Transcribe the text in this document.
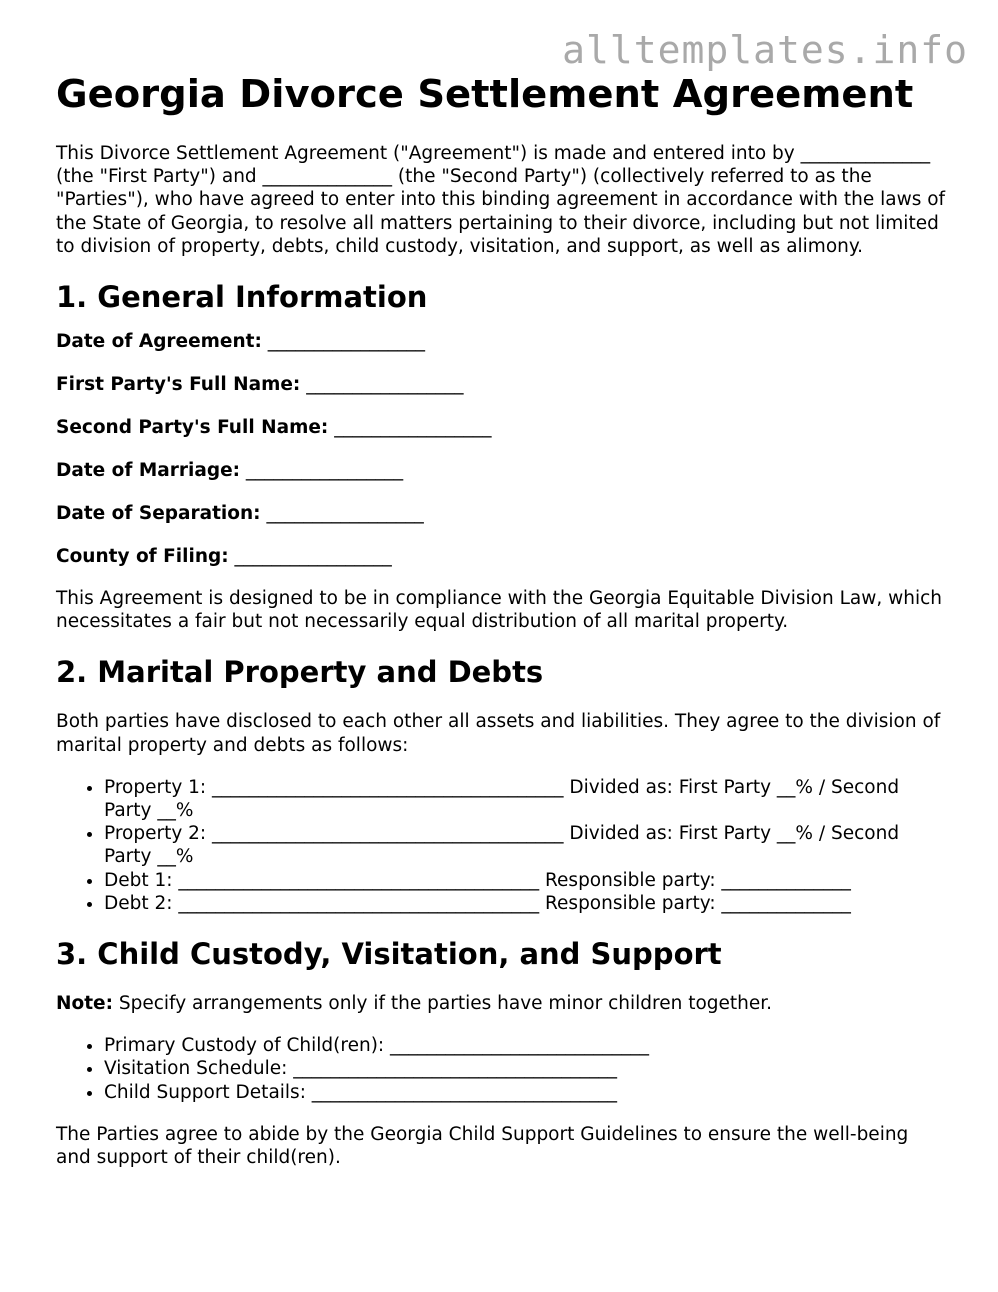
alltemplates.info
Georgia Divorce Settlement Agreement

This Divorce Settlement Agreement ("Agreement") is made and entered into by ______________ (the "First Party") and ______________ (the "Second Party") (collectively referred to as the "Parties"), who have agreed to enter into this binding agreement in accordance with the laws of the State of Georgia, to resolve all matters pertaining to their divorce, including but not limited to division of property, debts, child custody, visitation, and support, as well as alimony.

1. General Information
Date of Agreement: _________________
First Party's Full Name: _________________
Second Party's Full Name: _________________
Date of Marriage: _________________
Date of Separation: _________________
County of Filing: _________________

This Agreement is designed to be in compliance with the Georgia Equitable Division Law, which necessitates a fair but not necessarily equal distribution of all marital property.

2. Marital Property and Debts

Both parties have disclosed to each other all assets and liabilities. They agree to the division of marital property and debts as follows:

• Property 1: ______________________________________ Divided as: First Party __% / Second Party __%
• Property 2: ______________________________________ Divided as: First Party __% / Second Party __%
• Debt 1: _______________________________________ Responsible party: ______________
• Debt 2: _______________________________________ Responsible party: ______________
3. Child Custody, Visitation, and Support

Note: Specify arrangements only if the parties have minor children together.

• Primary Custody of Child(ren): ____________________________
• Visitation Schedule: ___________________________________
• Child Support Details: _________________________________

The Parties agree to abide by the Georgia Child Support Guidelines to ensure the well-being and support of their child(ren).
